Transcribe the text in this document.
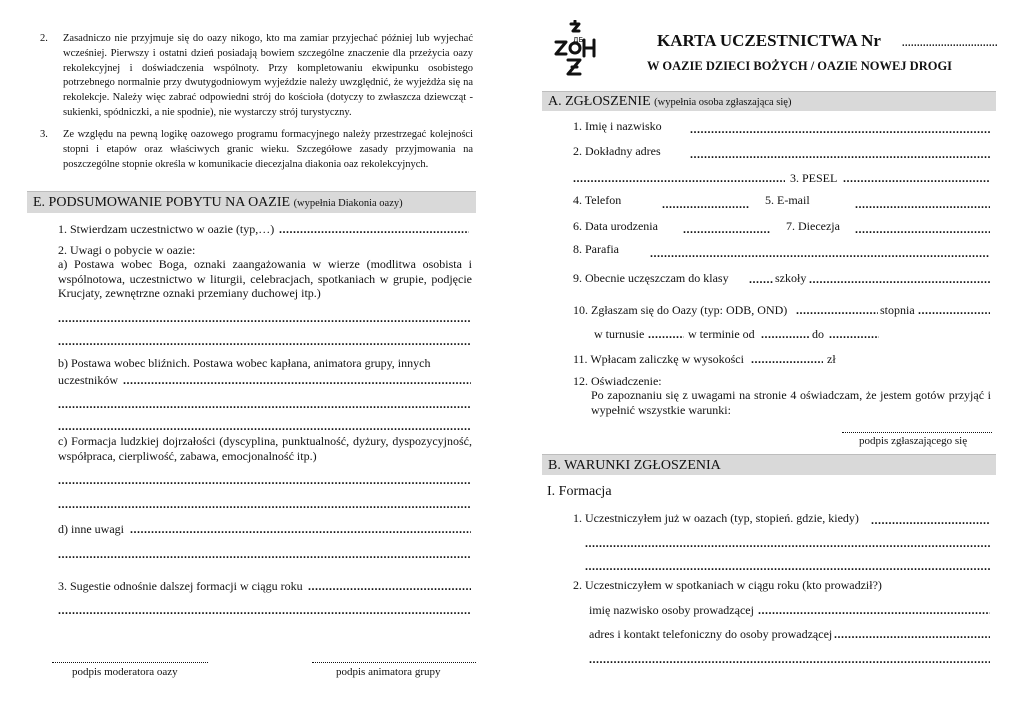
2. Zasadniczo nie przyjmuje się do oazy nikogo, kto ma zamiar przyjechać później lub wyjechać wcześniej. Pierwszy i ostatni dzień posiadają bowiem szczególne znaczenie dla przeżycia oazy rekolekcyjnej i doświadczenia wspólnoty. Przy kompletowaniu ekwipunku osobistego potrzebnego normalnie przy dwutygodniowym wyjeździe należy uwzględnić, że wyjeżdża się na rekolekcje. Należy więc zabrać odpowiedni strój do kościoła (dotyczy to zwłaszcza dziewcząt - sukienki, spódniczki, a nie spodnie), nie wystarczy strój turystyczny.
3. Ze względu na pewną logikę oazowego programu formacyjnego należy przestrzegać kolejności stopni i etapów oraz właściwych granic wieku. Szczegółowe zasady przyjmowania na poszczególne stopnie określa w komunikacie diecezjalna diakonia oaz rekolekcyjnych.
E. PODSUMOWANIE POBYTU NA OAZIE (wypełnia Diakonia oazy)
1. Stwierdzam uczestnictwo w oazie (typ,…)
.....
2. Uwagi o pobycie w oazie:
a) Postawa wobec Boga, oznaki zaangażowania w wierze (modlitwa osobista i wspólnotowa, uczestnictwo w liturgii, celebracjach, spotkaniach w grupie, podjęcie Krucjaty, zewnętrzne oznaki przemiany duchowej itp.)
.....
.....
b) Postawa wobec bliźnich. Postawa wobec kapłana, animatora grupy, innych
uczestników
.....
.....
.....
c) Formacja ludzkiej dojrzałości (dyscyplina, punktualność, dyżury, dyspozycyjność, współpraca, cierpliwość, zabawa, emocjonalność itp.)
.....
.....
d) inne uwagi
.....
.....
3. Sugestie odnośnie dalszej formacji w ciągu roku
.....
.....
podpis moderatora oazy	podpis animatora grupy
ДБ	KARTA UCZESTNICTWA Nr
.....
W OAZIE DZIECI BOŻYCH / OAZIE NOWEJ DROGI
A. ZGŁOSZENIE (wypełnia osoba zgłaszająca się)
1. Imię i nazwisko
.....
2. Dokładny adres
.....
.....
3. PESEL
.....
4. Telefon .....	5. E-mail
.....
6. Data urodzenia .....	7. Diecezja
.....
8. Parafia
.....
9. Obecnie uczęszczam do klasy .....	szkoły
.....
10. Zgłaszam się do Oazy (typ: ODB, OND) .....	stopnia
.....
w turnusie .....	w terminie od .....	do
.....
11. Wpłacam zaliczkę w wysokości .....	zł
12. Oświadczenie:
Po zapoznaniu się z uwagami na stronie 4 oświadczam, że jestem gotów przyjąć i wypełnić wszystkie warunki:
podpis zgłaszającego się
B. WARUNKI ZGŁOSZENIA
I. Formacja
1. Uczestniczyłem już w oazach (typ, stopień. gdzie, kiedy)
.....
.....
.....
2. Uczestniczyłem w spotkaniach w ciągu roku (kto prowadził?)
imię nazwisko osoby prowadzącej
.....
adres i kontakt telefoniczny do osoby prowadzącej
.....
.....
